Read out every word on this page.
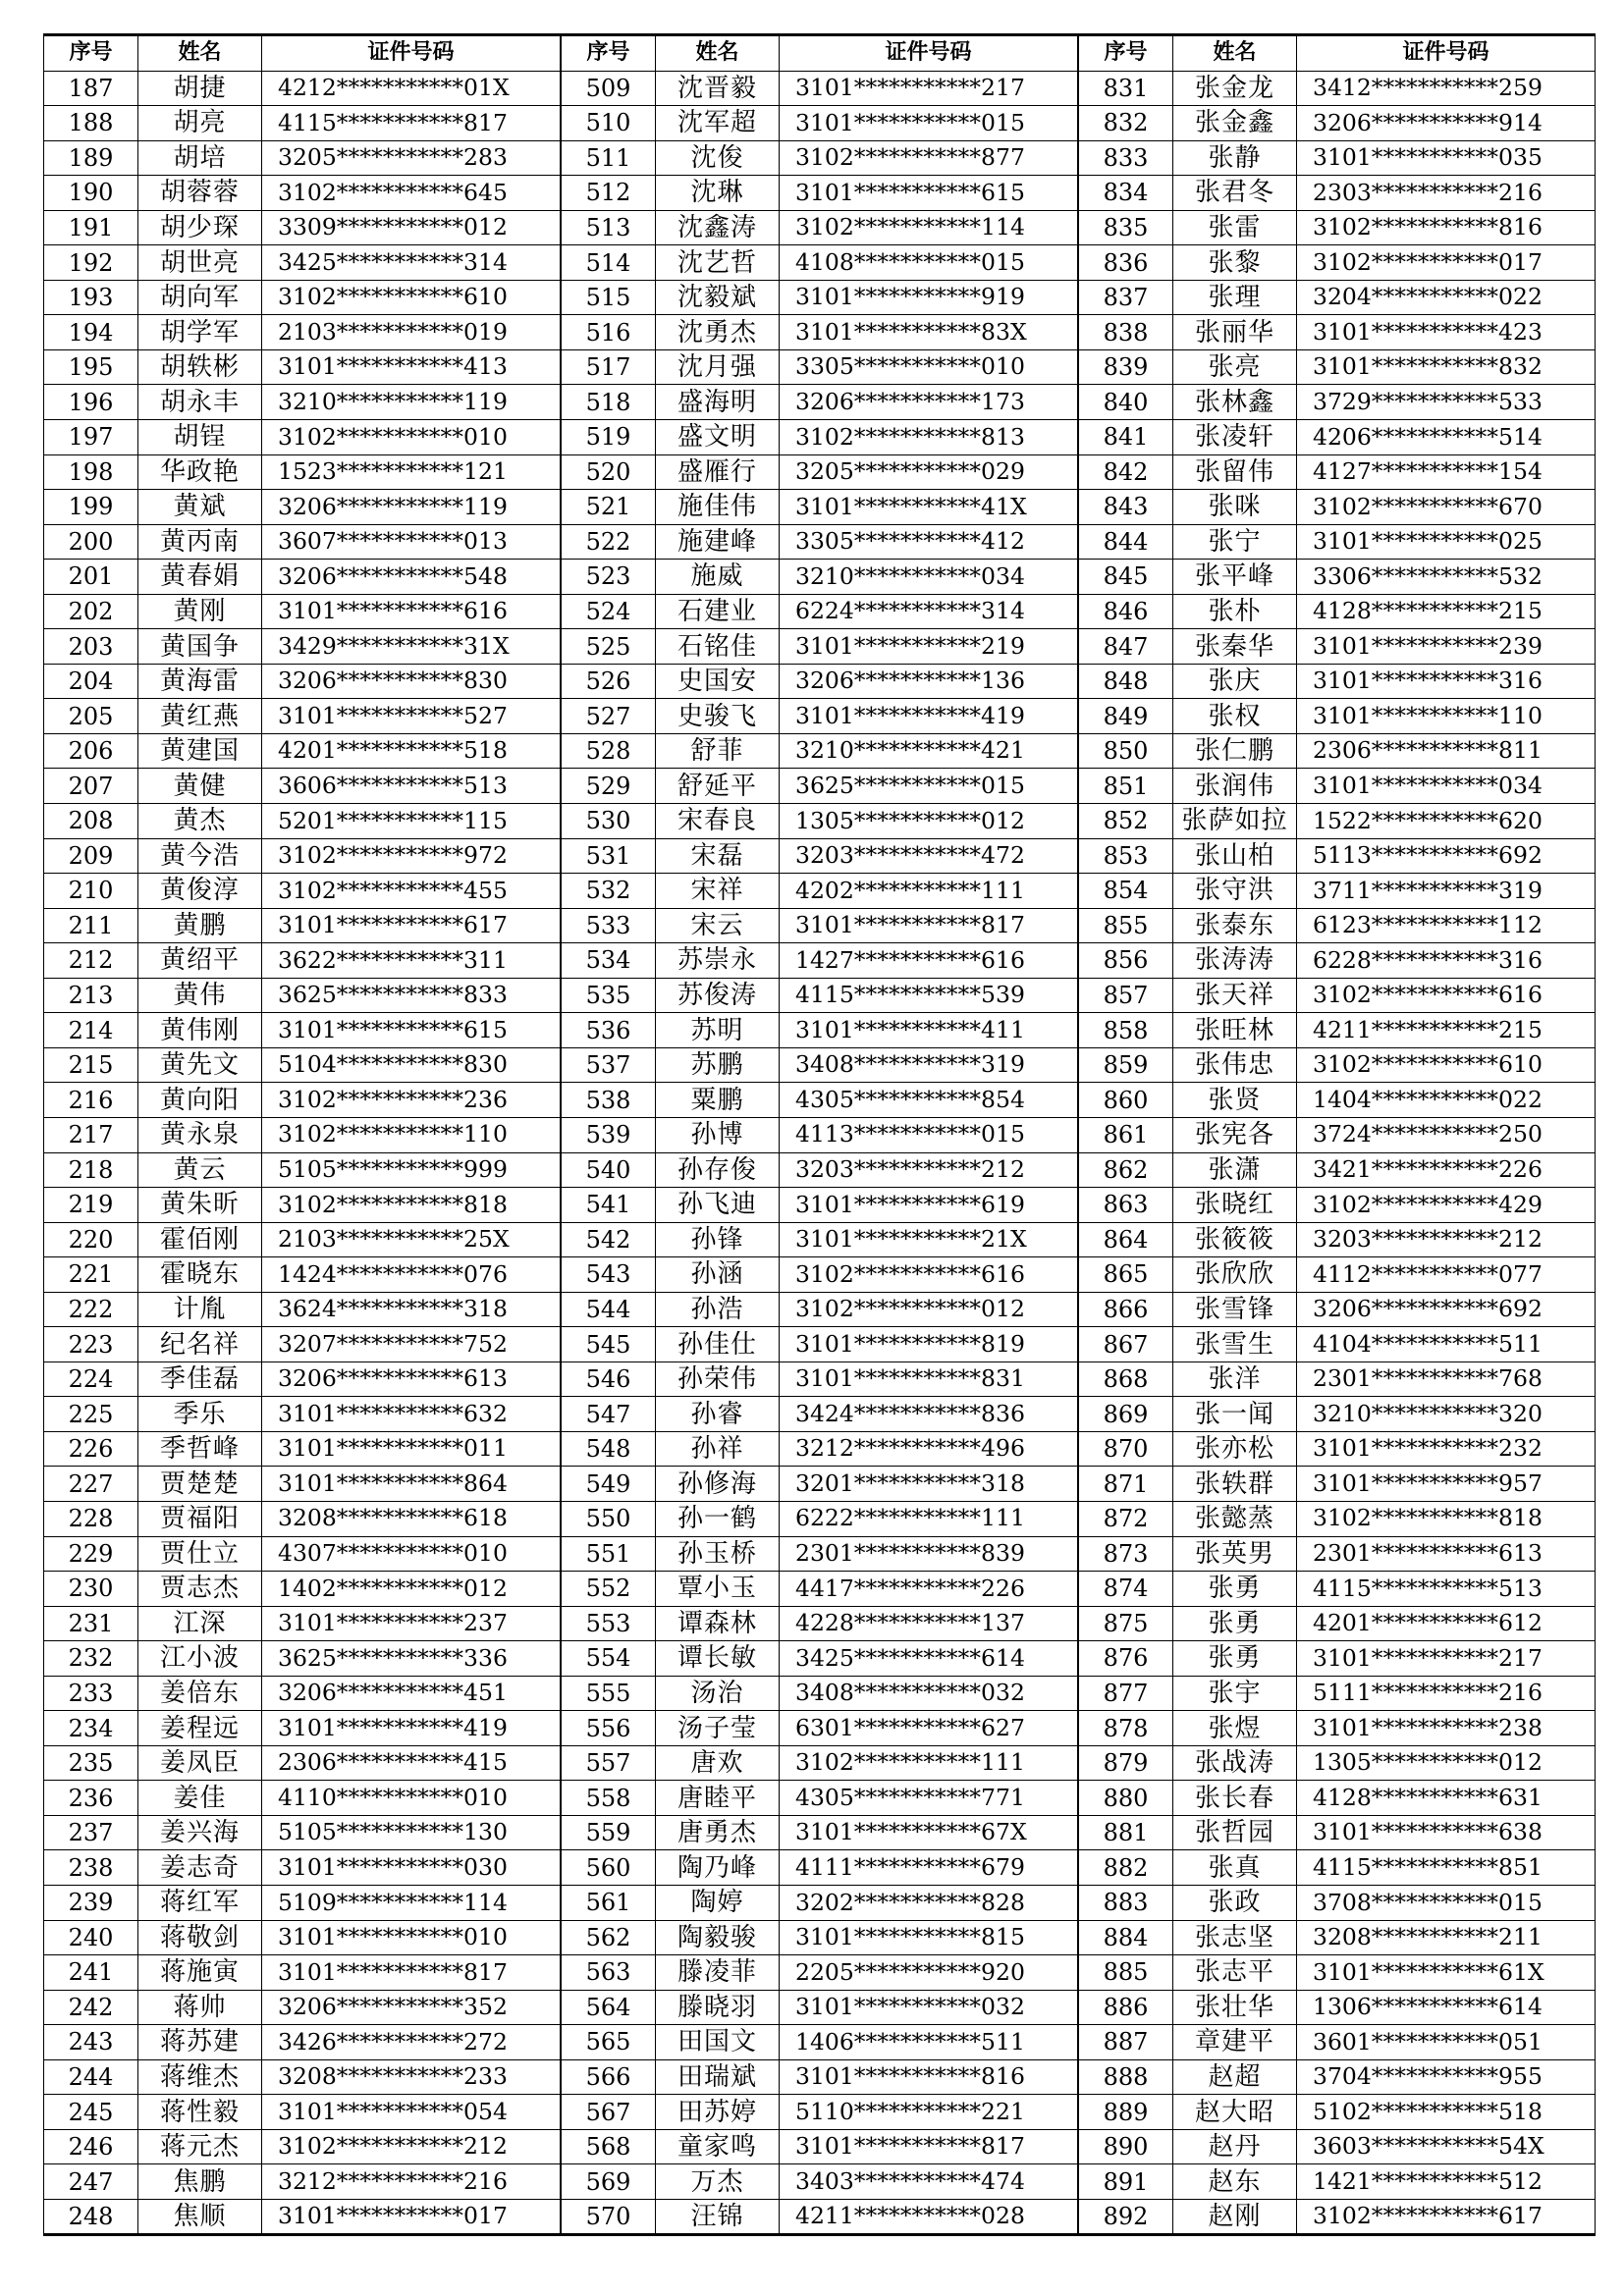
序号	姓名	证件号码
187	胡捷	4212***********01X
188	胡亮	4115***********817
189	胡培	3205***********283
190	胡蓉蓉	3102***********645
191	胡少琛	3309***********012
192	胡世亮	3425***********314
193	胡向军	3102***********610
194	胡学军	2103***********019
195	胡轶彬	3101***********413
196	胡永丰	3210***********119
197	胡锃	3102***********010
198	华政艳	1523***********121
199	黄斌	3206***********119
200	黄丙南	3607***********013
201	黄春娟	3206***********548
202	黄刚	3101***********616
203	黄国争	3429***********31X
204	黄海雷	3206***********830
205	黄红燕	3101***********527
206	黄建国	4201***********518
207	黄健	3606***********513
208	黄杰	5201***********115
209	黄今浩	3102***********972
210	黄俊淳	3102***********455
211	黄鹏	3101***********617
212	黄绍平	3622***********311
213	黄伟	3625***********833
214	黄伟刚	3101***********615
215	黄先文	5104***********830
216	黄向阳	3102***********236
217	黄永泉	3102***********110
218	黄云	5105***********999
219	黄朱昕	3102***********818
220	霍佰刚	2103***********25X
221	霍晓东	1424***********076
222	计胤	3624***********318
223	纪名祥	3207***********752
224	季佳磊	3206***********613
225	季乐	3101***********632
226	季哲峰	3101***********011
227	贾楚楚	3101***********864
228	贾福阳	3208***********618
229	贾仕立	4307***********010
230	贾志杰	1402***********012
231	江深	3101***********237
232	江小波	3625***********336
233	姜倍东	3206***********451
234	姜程远	3101***********419
235	姜凤臣	2306***********415
236	姜佳	4110***********010
237	姜兴海	5105***********130
238	姜志奇	3101***********030
239	蒋红军	5109***********114
240	蒋敬剑	3101***********010
241	蒋施寅	3101***********817
242	蒋帅	3206***********352
243	蒋苏建	3426***********272
244	蒋维杰	3208***********233
245	蒋性毅	3101***********054
246	蒋元杰	3102***********212
247	焦鹏	3212***********216
248	焦顺	3101***********017
序号	姓名	证件号码
509	沈晋毅	3101***********217
510	沈军超	3101***********015
511	沈俊	3102***********877
512	沈琳	3101***********615
513	沈鑫涛	3102***********114
514	沈艺哲	4108***********015
515	沈毅斌	3101***********919
516	沈勇杰	3101***********83X
517	沈月强	3305***********010
518	盛海明	3206***********173
519	盛文明	3102***********813
520	盛雁行	3205***********029
521	施佳伟	3101***********41X
522	施建峰	3305***********412
523	施威	3210***********034
524	石建业	6224***********314
525	石铭佳	3101***********219
526	史国安	3206***********136
527	史骏飞	3101***********419
528	舒菲	3210***********421
529	舒延平	3625***********015
530	宋春良	1305***********012
531	宋磊	3203***********472
532	宋祥	4202***********111
533	宋云	3101***********817
534	苏崇永	1427***********616
535	苏俊涛	4115***********539
536	苏明	3101***********411
537	苏鹏	3408***********319
538	粟鹏	4305***********854
539	孙博	4113***********015
540	孙存俊	3203***********212
541	孙飞迪	3101***********619
542	孙锋	3101***********21X
543	孙涵	3102***********616
544	孙浩	3102***********012
545	孙佳仕	3101***********819
546	孙荣伟	3101***********831
547	孙睿	3424***********836
548	孙祥	3212***********496
549	孙修海	3201***********318
550	孙一鹤	6222***********111
551	孙玉桥	2301***********839
552	覃小玉	4417***********226
553	谭森林	4228***********137
554	谭长敏	3425***********614
555	汤治	3408***********032
556	汤子莹	6301***********627
557	唐欢	3102***********111
558	唐睦平	4305***********771
559	唐勇杰	3101***********67X
560	陶乃峰	4111***********679
561	陶婷	3202***********828
562	陶毅骏	3101***********815
563	滕凌菲	2205***********920
564	滕晓羽	3101***********032
565	田国文	1406***********511
566	田瑞斌	3101***********816
567	田苏婷	5110***********221
568	童家鸣	3101***********817
569	万杰	3403***********474
570	汪锦	4211***********028
序号	姓名	证件号码
831	张金龙	3412***********259
832	张金鑫	3206***********914
833	张静	3101***********035
834	张君冬	2303***********216
835	张雷	3102***********816
836	张黎	3102***********017
837	张理	3204***********022
838	张丽华	3101***********423
839	张亮	3101***********832
840	张林鑫	3729***********533
841	张凌轩	4206***********514
842	张留伟	4127***********154
843	张咪	3102***********670
844	张宁	3101***********025
845	张平峰	3306***********532
846	张朴	4128***********215
847	张秦华	3101***********239
848	张庆	3101***********316
849	张权	3101***********110
850	张仁鹏	2306***********811
851	张润伟	3101***********034
852	张萨如拉	1522***********620
853	张山柏	5113***********692
854	张守洪	3711***********319
855	张泰东	6123***********112
856	张涛涛	6228***********316
857	张天祥	3102***********616
858	张旺林	4211***********215
859	张伟忠	3102***********610
860	张贤	1404***********022
861	张宪各	3724***********250
862	张潇	3421***********226
863	张晓红	3102***********429
864	张筱筱	3203***********212
865	张欣欣	4112***********077
866	张雪锋	3206***********692
867	张雪生	4104***********511
868	张洋	2301***********768
869	张一闻	3210***********320
870	张亦松	3101***********232
871	张轶群	3101***********957
872	张懿蒸	3102***********818
873	张英男	2301***********613
874	张勇	4115***********513
875	张勇	4201***********612
876	张勇	3101***********217
877	张宇	5111***********216
878	张煜	3101***********238
879	张战涛	1305***********012
880	张长春	4128***********631
881	张哲园	3101***********638
882	张真	4115***********851
883	张政	3708***********015
884	张志坚	3208***********211
885	张志平	3101***********61X
886	张壮华	1306***********614
887	章建平	3601***********051
888	赵超	3704***********955
889	赵大昭	5102***********518
890	赵丹	3603***********54X
891	赵东	1421***********512
892	赵刚	3102***********617
